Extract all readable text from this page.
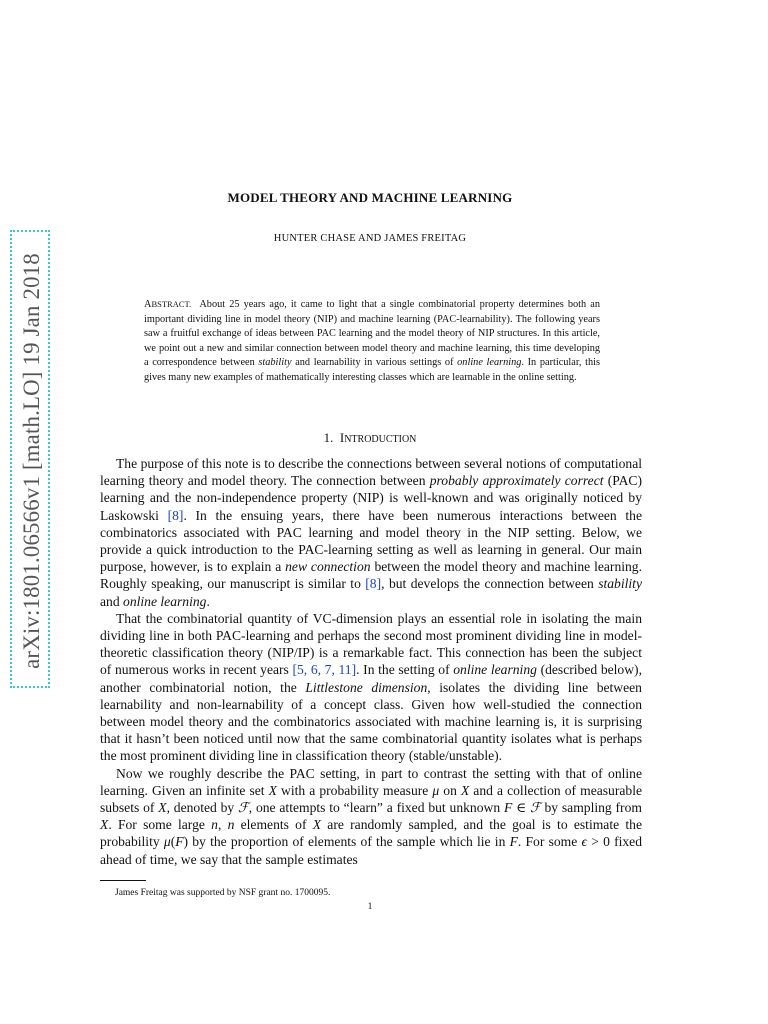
arXiv:1801.06566v1 [math.LO] 19 Jan 2018
MODEL THEORY AND MACHINE LEARNING
HUNTER CHASE AND JAMES FREITAG

ABSTRACT. About 25 years ago, it came to light that a single combinatorial property determines both an important dividing line in model theory (NIP) and machine learning (PAC-learnability). The following years saw a fruitful exchange of ideas between PAC learning and the model theory of NIP structures. In this article, we point out a new and similar connection between model theory and machine learning, this time developing a correspondence between stability and learnability in various settings of online learning. In particular, this gives many new examples of mathematically interesting classes which are learnable in the online setting.

1. INTRODUCTION

The purpose of this note is to describe the connections between several notions of computational learning theory and model theory. The connection between probably approximately correct (PAC) learning and the non-independence property (NIP) is well-known and was originally noticed by Laskowski [8]. In the ensuing years, there have been numerous interactions between the combinatorics associated with PAC learning and model theory in the NIP setting. Below, we provide a quick introduction to the PAC-learning setting as well as learning in general. Our main purpose, however, is to explain a new connection between the model theory and machine learning. Roughly speaking, our manuscript is similar to [8], but develops the connection between stability and online learning.

That the combinatorial quantity of VC-dimension plays an essential role in isolating the main dividing line in both PAC-learning and perhaps the second most prominent dividing line in model-theoretic classification theory (NIP/IP) is a remarkable fact. This connection has been the subject of numerous works in recent years [5, 6, 7, 11]. In the setting of online learning (described below), another combinatorial notion, the Littlestone dimension, isolates the dividing line between learnability and non-learnability of a concept class. Given how well-studied the connection between model theory and the combinatorics associated with machine learning is, it is surprising that it hasn’t been noticed until now that the same combinatorial quantity isolates what is perhaps the most prominent dividing line in classification theory (stable/unstable).

Now we roughly describe the PAC setting, in part to contrast the setting with that of online learning. Given an infinite set X with a probability measure μ on X and a collection of measurable subsets of X, denoted by ℱ, one attempts to “learn” a fixed but unknown F ∈ ℱ by sampling from X. For some large n, n elements of X are randomly sampled, and the goal is to estimate the probability μ(F) by the proportion of elements of the sample which lie in F. For some ϵ > 0 fixed ahead of time, we say that the sample estimates

James Freitag was supported by NSF grant no. 1700095.
1
